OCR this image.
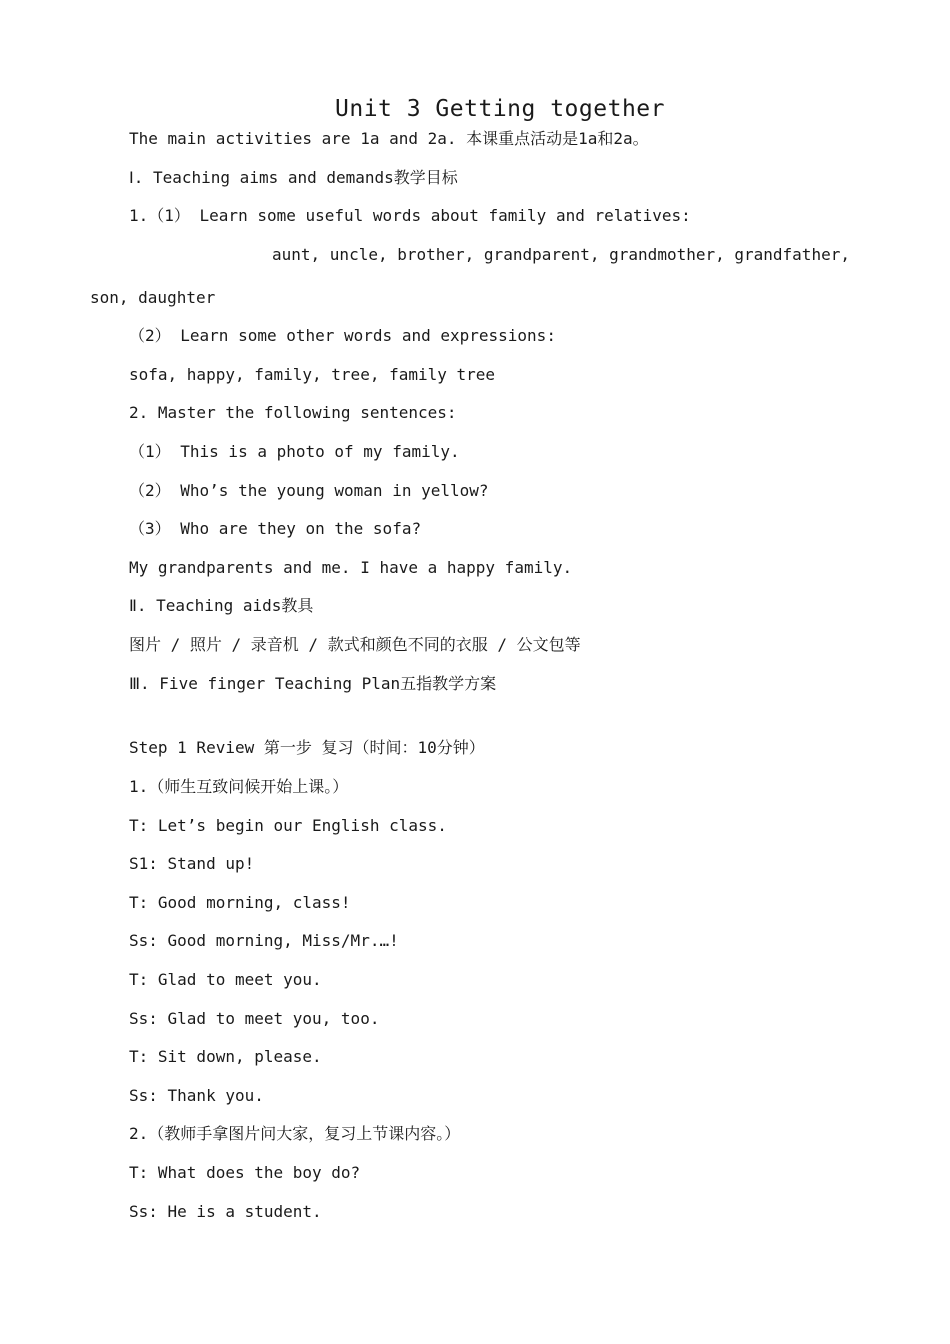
Unit 3 Getting together
The main activities are 1a and 2a. 本课重点活动是1a和2a。
Ⅰ. Teaching aims and demands教学目标
1.（1） Learn some useful words about family and relatives:
aunt, uncle, brother, grandparent, grandmother, grandfather,
son, daughter
（2） Learn some other words and expressions:
sofa, happy, family, tree, family tree
2. Master the following sentences:
（1） This is a photo of my family.
（2） Who’s the young woman in yellow?
（3） Who are they on the sofa?
My grandparents and me. I have a happy family.
Ⅱ. Teaching aids教具
图片 / 照片 / 录音机 / 款式和颜色不同的衣服 / 公文包等
Ⅲ. Five finger Teaching Plan五指教学方案
Step 1 Review 第一步 复习（时间：10分钟）
1.（师生互致问候开始上课。）
T: Let’s begin our English class.
S1: Stand up!
T: Good morning, class!
Ss: Good morning, Miss/Mr.…!
T: Glad to meet you.
Ss: Glad to meet you, too.
T: Sit down, please.
Ss: Thank you.
2.（教师手拿图片问大家，复习上节课内容。）
T: What does the boy do?
Ss: He is a student.
